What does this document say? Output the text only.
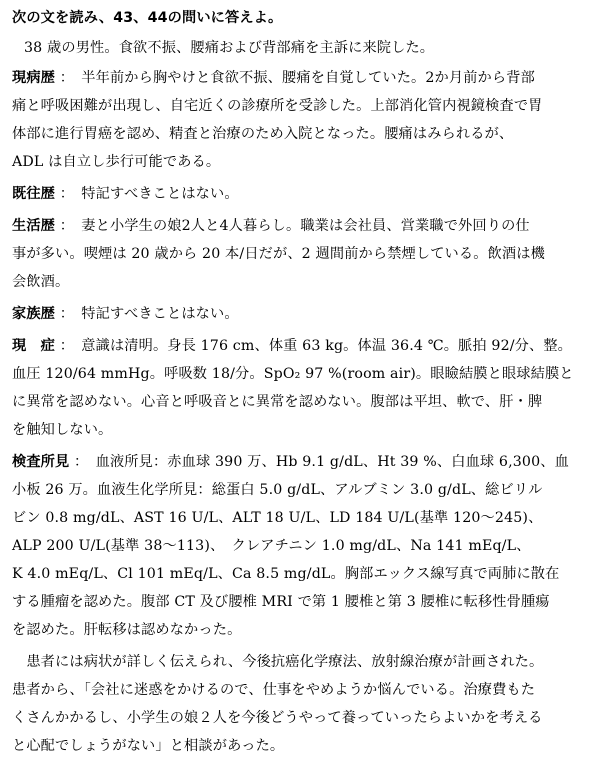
次の文を読み、43、44の問いに答えよ。
38 歳の男性。食欲不振、腰痛および背部痛を主訴に来院した。
現病歴 ：　半年前から胸やけと食欲不振、腰痛を自覚していた。2か月前から背部
痛と呼吸困難が出現し、自宅近くの診療所を受診した。上部消化管内視鏡検査で胃
体部に進行胃癌を認め、精査と治療のため入院となった。腰痛はみられるが、
ADL は自立し歩行可能である。
既往歴 ：　特記すべきことはない。
生活歴 ：　妻と小学生の娘2人と4人暮らし。職業は会社員、営業職で外回りの仕
事が多い。喫煙は 20 歳から 20 本/日だが、2 週間前から禁煙している。飲酒は機
会飲酒。
家族歴 ：　特記すべきことはない。
現　症 ：　意識は清明。身長 176 cm、体重 63 kg。体温 36.4 ℃。脈拍 92/分、整。
血圧 120/64 mmHg。呼吸数 18/分。SpO₂ 97 %(room air)。眼瞼結膜と眼球結膜と
に異常を認めない。心音と呼吸音とに異常を認めない。腹部は平坦、軟で、肝・脾
を触知しない。
検査所見 ：　血液所見：赤血球 390 万、Hb 9.1 g/dL、Ht 39 %、白血球 6,300、血
小板 26 万。血液生化学所見：総蛋白 5.0 g/dL、アルブミン 3.0 g/dL、総ビリル
ビン 0.8 mg/dL、AST 16 U/L、ALT 18 U/L、LD 184 U/L(基準 120〜245)、
ALP 200 U/L(基準 38〜113)、　クレアチニン 1.0 mg/dL、Na 141 mEq/L、
K 4.0 mEq/L、Cl 101 mEq/L、Ca 8.5 mg/dL。胸部エックス線写真で両肺に散在
する腫瘤を認めた。腹部 CT 及び腰椎 MRI で第 1 腰椎と第 3 腰椎に転移性骨腫瘍
を認めた。肝転移は認めなかった。
　患者には病状が詳しく伝えられ、今後抗癌化学療法、放射線治療が計画された。
患者から、「会社に迷惑をかけるので、仕事をやめようか悩んでいる。治療費もた
くさんかかるし、小学生の娘２人を今後どうやって養っていったらよいかを考える
と心配でしょうがない」と相談があった。
